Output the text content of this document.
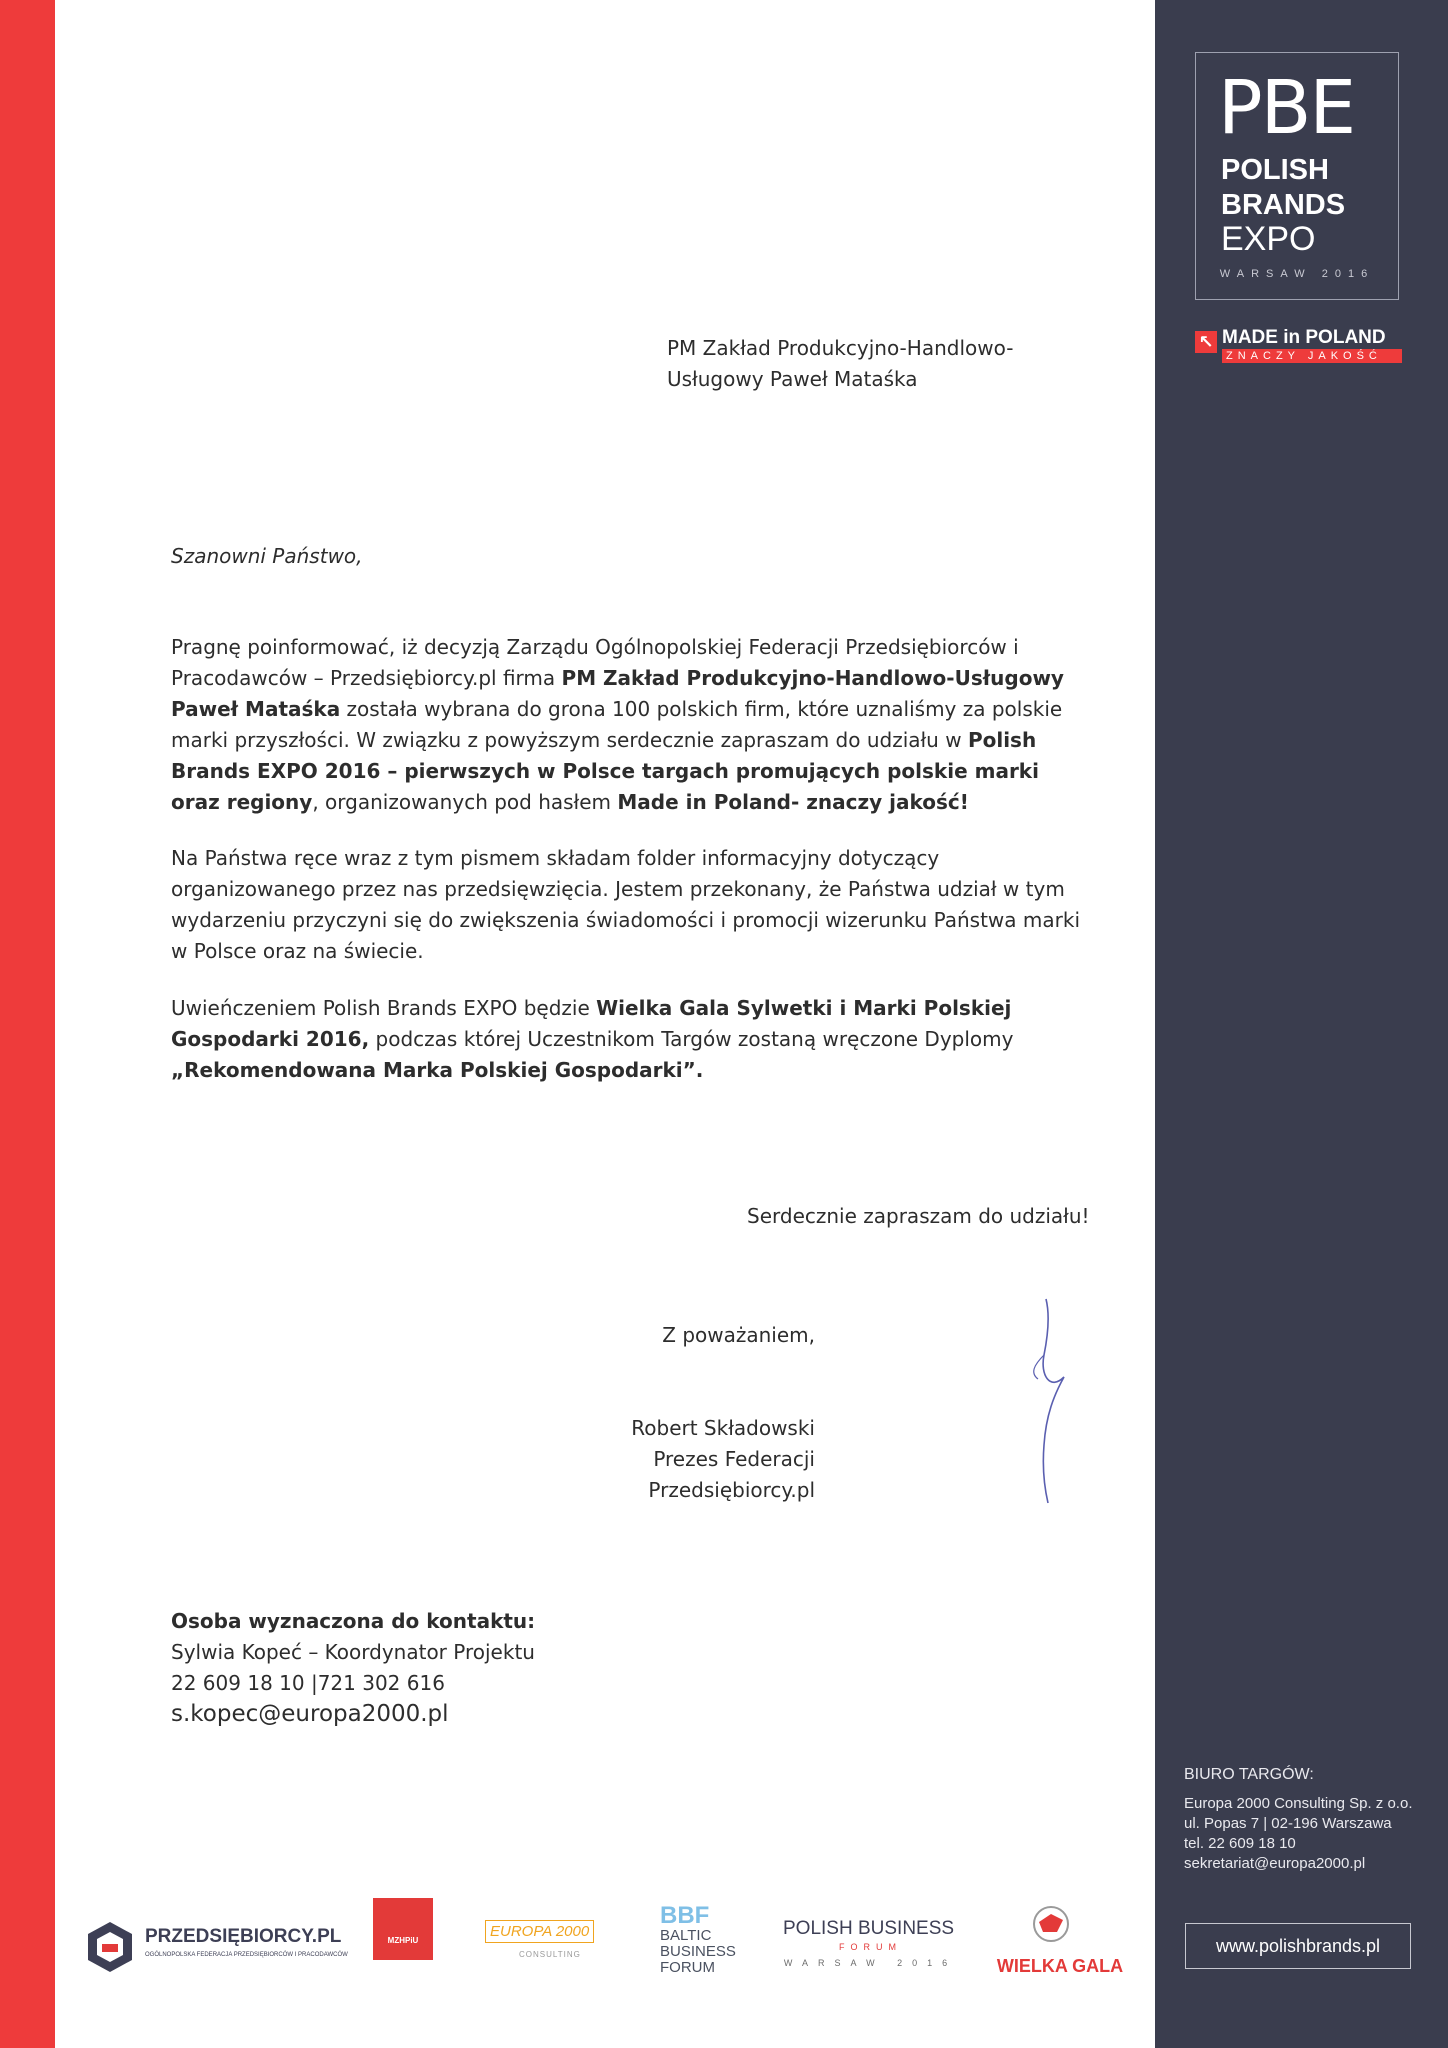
PBE
POLISH
BRANDS
EXPO
WARSAW 2016
↖ MADE in POLAND
ZNACZY JAKOŚĆ
BIURO TARGÓW:
Europa 2000 Consulting Sp. z o.o.
ul. Popas 7 | 02-196 Warszawa
tel. 22 609 18 10
sekretariat@europa2000.pl
www.polishbrands.pl
PM Zakład Produkcyjno-Handlowo-
Usługowy Paweł Mataśka
Szanowni Państwo,
Pragnę poinformować, iż decyzją Zarządu Ogólnopolskiej Federacji Przedsiębiorców i Pracodawców – Przedsiębiorcy.pl firma PM Zakład Produkcyjno-Handlowo-Usługowy Paweł Mataśka została wybrana do grona 100 polskich firm, które uznaliśmy za polskie marki przyszłości. W związku z powyższym serdecznie zapraszam do udziału w Polish Brands EXPO 2016 – pierwszych w Polsce targach promujących polskie marki oraz regiony, organizowanych pod hasłem Made in Poland- znaczy jakość!
Na Państwa ręce wraz z tym pismem składam folder informacyjny dotyczący organizowanego przez nas przedsięwzięcia. Jestem przekonany, że Państwa udział w tym wydarzeniu przyczyni się do zwiększenia świadomości i promocji wizerunku Państwa marki w Polsce oraz na świecie.
Uwieńczeniem Polish Brands EXPO będzie Wielka Gala Sylwetki i Marki Polskiej Gospodarki 2016, podczas której Uczestnikom Targów zostaną wręczone Dyplomy „Rekomendowana Marka Polskiej Gospodarki”.
Serdecznie zapraszam do udziału!
Z poważaniem,
Robert Składowski
Prezes Federacji
Przedsiębiorcy.pl
Osoba wyznaczona do kontaktu:
Sylwia Kopeć – Koordynator Projektu
22 609 18 10 |721 302 616
s.kopec@europa2000.pl
PRZEDSIĘBIORCY.PL
OGÓLNOPOLSKA FEDERACJA PRZEDSIĘBIORCÓW I PRACODAWCÓW
MZHPiU
EUROPA 2000
CONSULTING
BBF
BALTIC
BUSINESS
FORUM
POLISH BUSINESS
FORUM
WARSAW 2016	WIELKA GALA
